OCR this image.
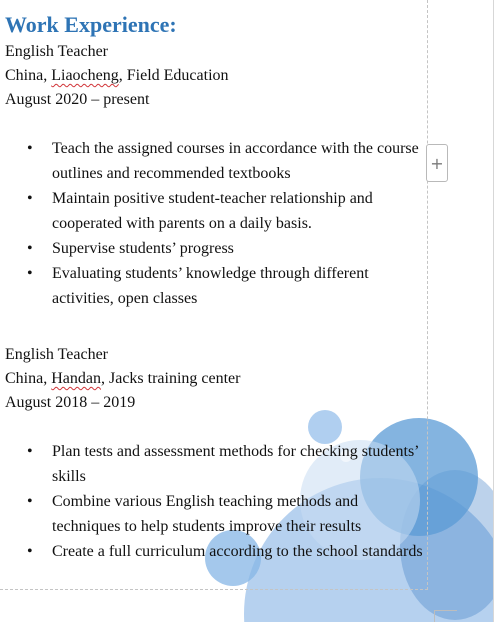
+
Work Experience:

English Teacher

China, Liaocheng, Field Education

August 2020 – present

• Teach the assigned courses in accordance with the course outlines and recommended textbooks
• Maintain positive student-teacher relationship and cooperated with parents on a daily basis.
• Supervise students’ progress
• Evaluating students’ knowledge through different activities, open classes

English Teacher

China, Handan, Jacks training center

August 2018 – 2019

• Plan tests and assessment methods for checking students’ skills
• Combine various English teaching methods and techniques to help students improve their results
• Create a full curriculum according to the school standards
